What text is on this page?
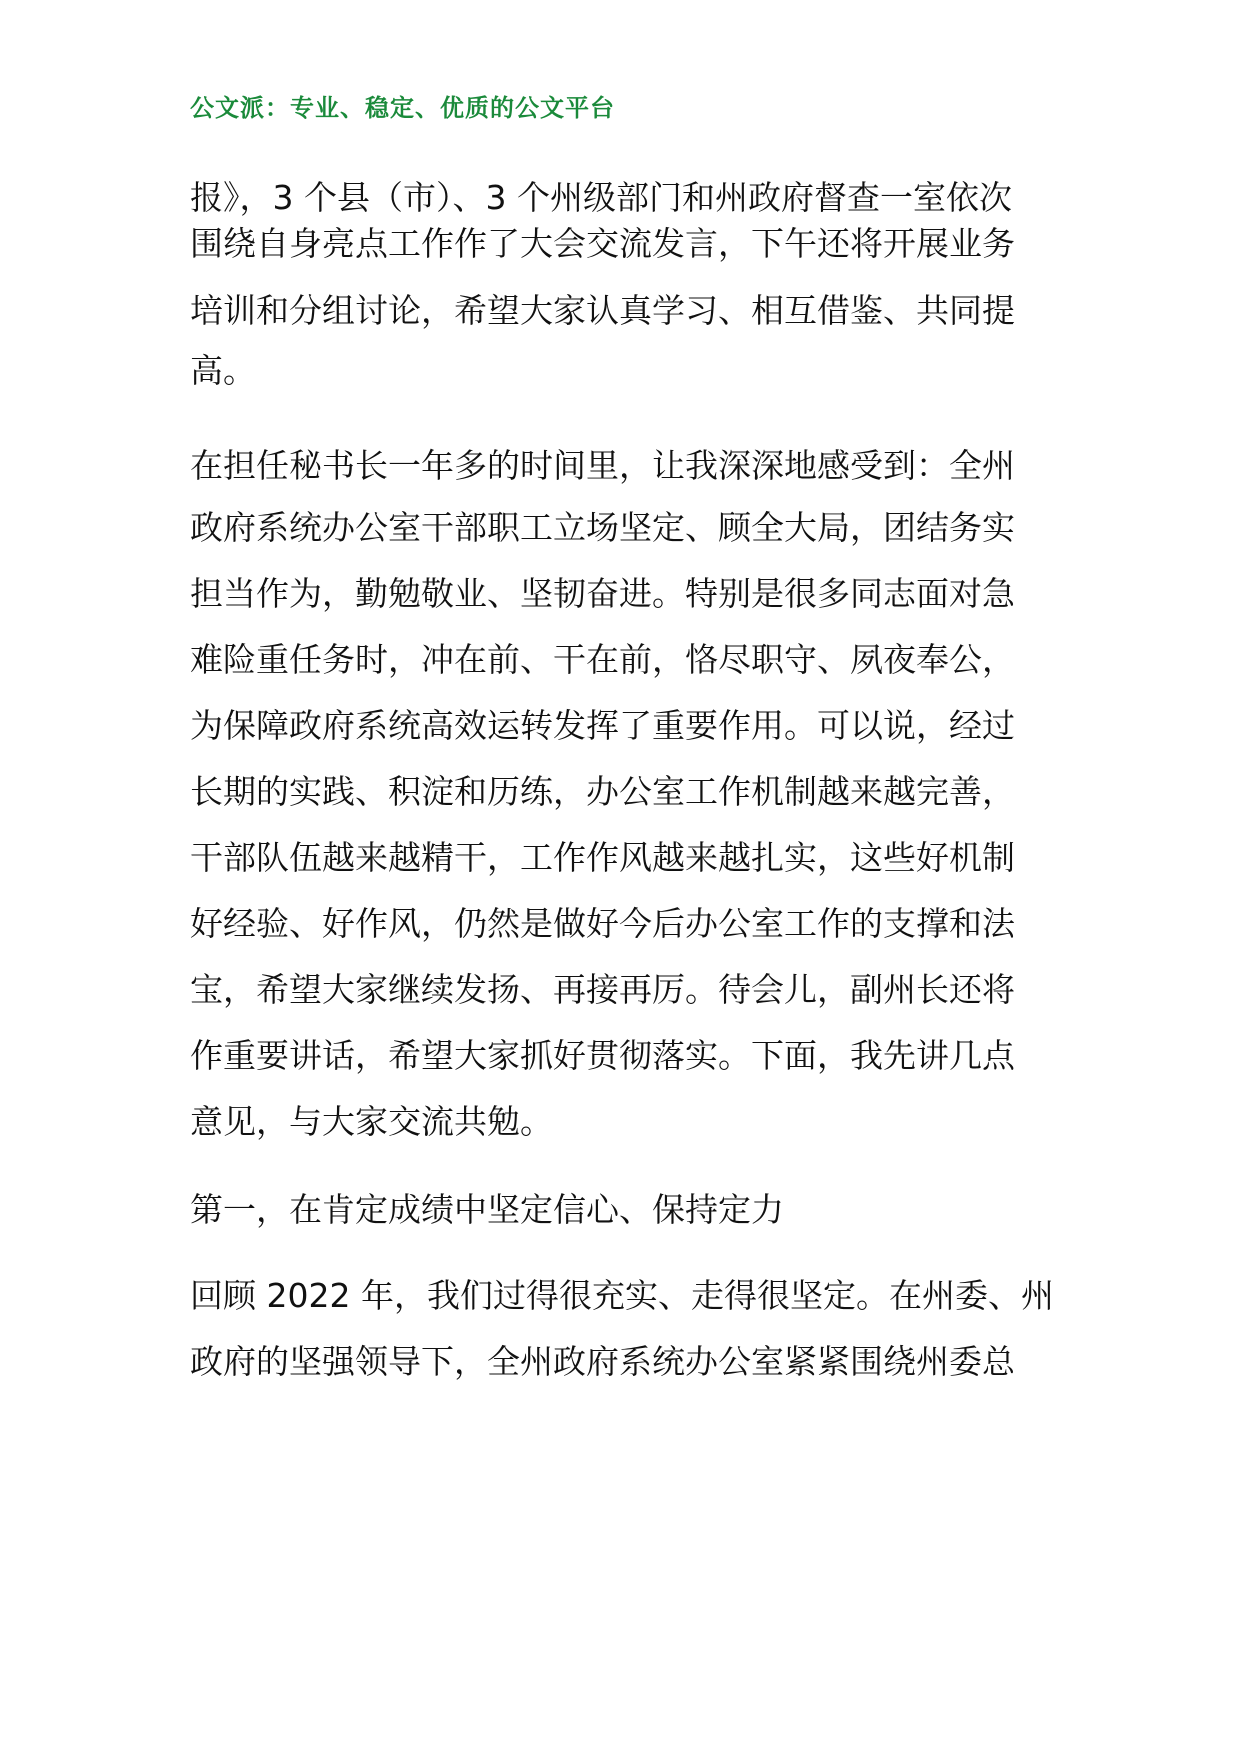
公文派：专业、稳定、优质的公文平台
报》，3 个县（市）、3 个州级部门和州政府督查一室依次
围绕自身亮点工作作了大会交流发言，下午还将开展业务
培训和分组讨论，希望大家认真学习、相互借鉴、共同提
高。
在担任秘书长一年多的时间里，让我深深地感受到：全州
政府系统办公室干部职工立场坚定、顾全大局，团结务实
担当作为，勤勉敬业、坚韧奋进。特别是很多同志面对急
难险重任务时，冲在前、干在前，恪尽职守、夙夜奉公，
为保障政府系统高效运转发挥了重要作用。可以说，经过
长期的实践、积淀和历练，办公室工作机制越来越完善，
干部队伍越来越精干，工作作风越来越扎实，这些好机制
好经验、好作风，仍然是做好今后办公室工作的支撑和法
宝，希望大家继续发扬、再接再厉。待会儿，副州长还将
作重要讲话，希望大家抓好贯彻落实。下面，我先讲几点
意见，与大家交流共勉。
第一，在肯定成绩中坚定信心、保持定力
回顾 2022 年，我们过得很充实、走得很坚定。在州委、州
政府的坚强领导下，全州政府系统办公室紧紧围绕州委总
